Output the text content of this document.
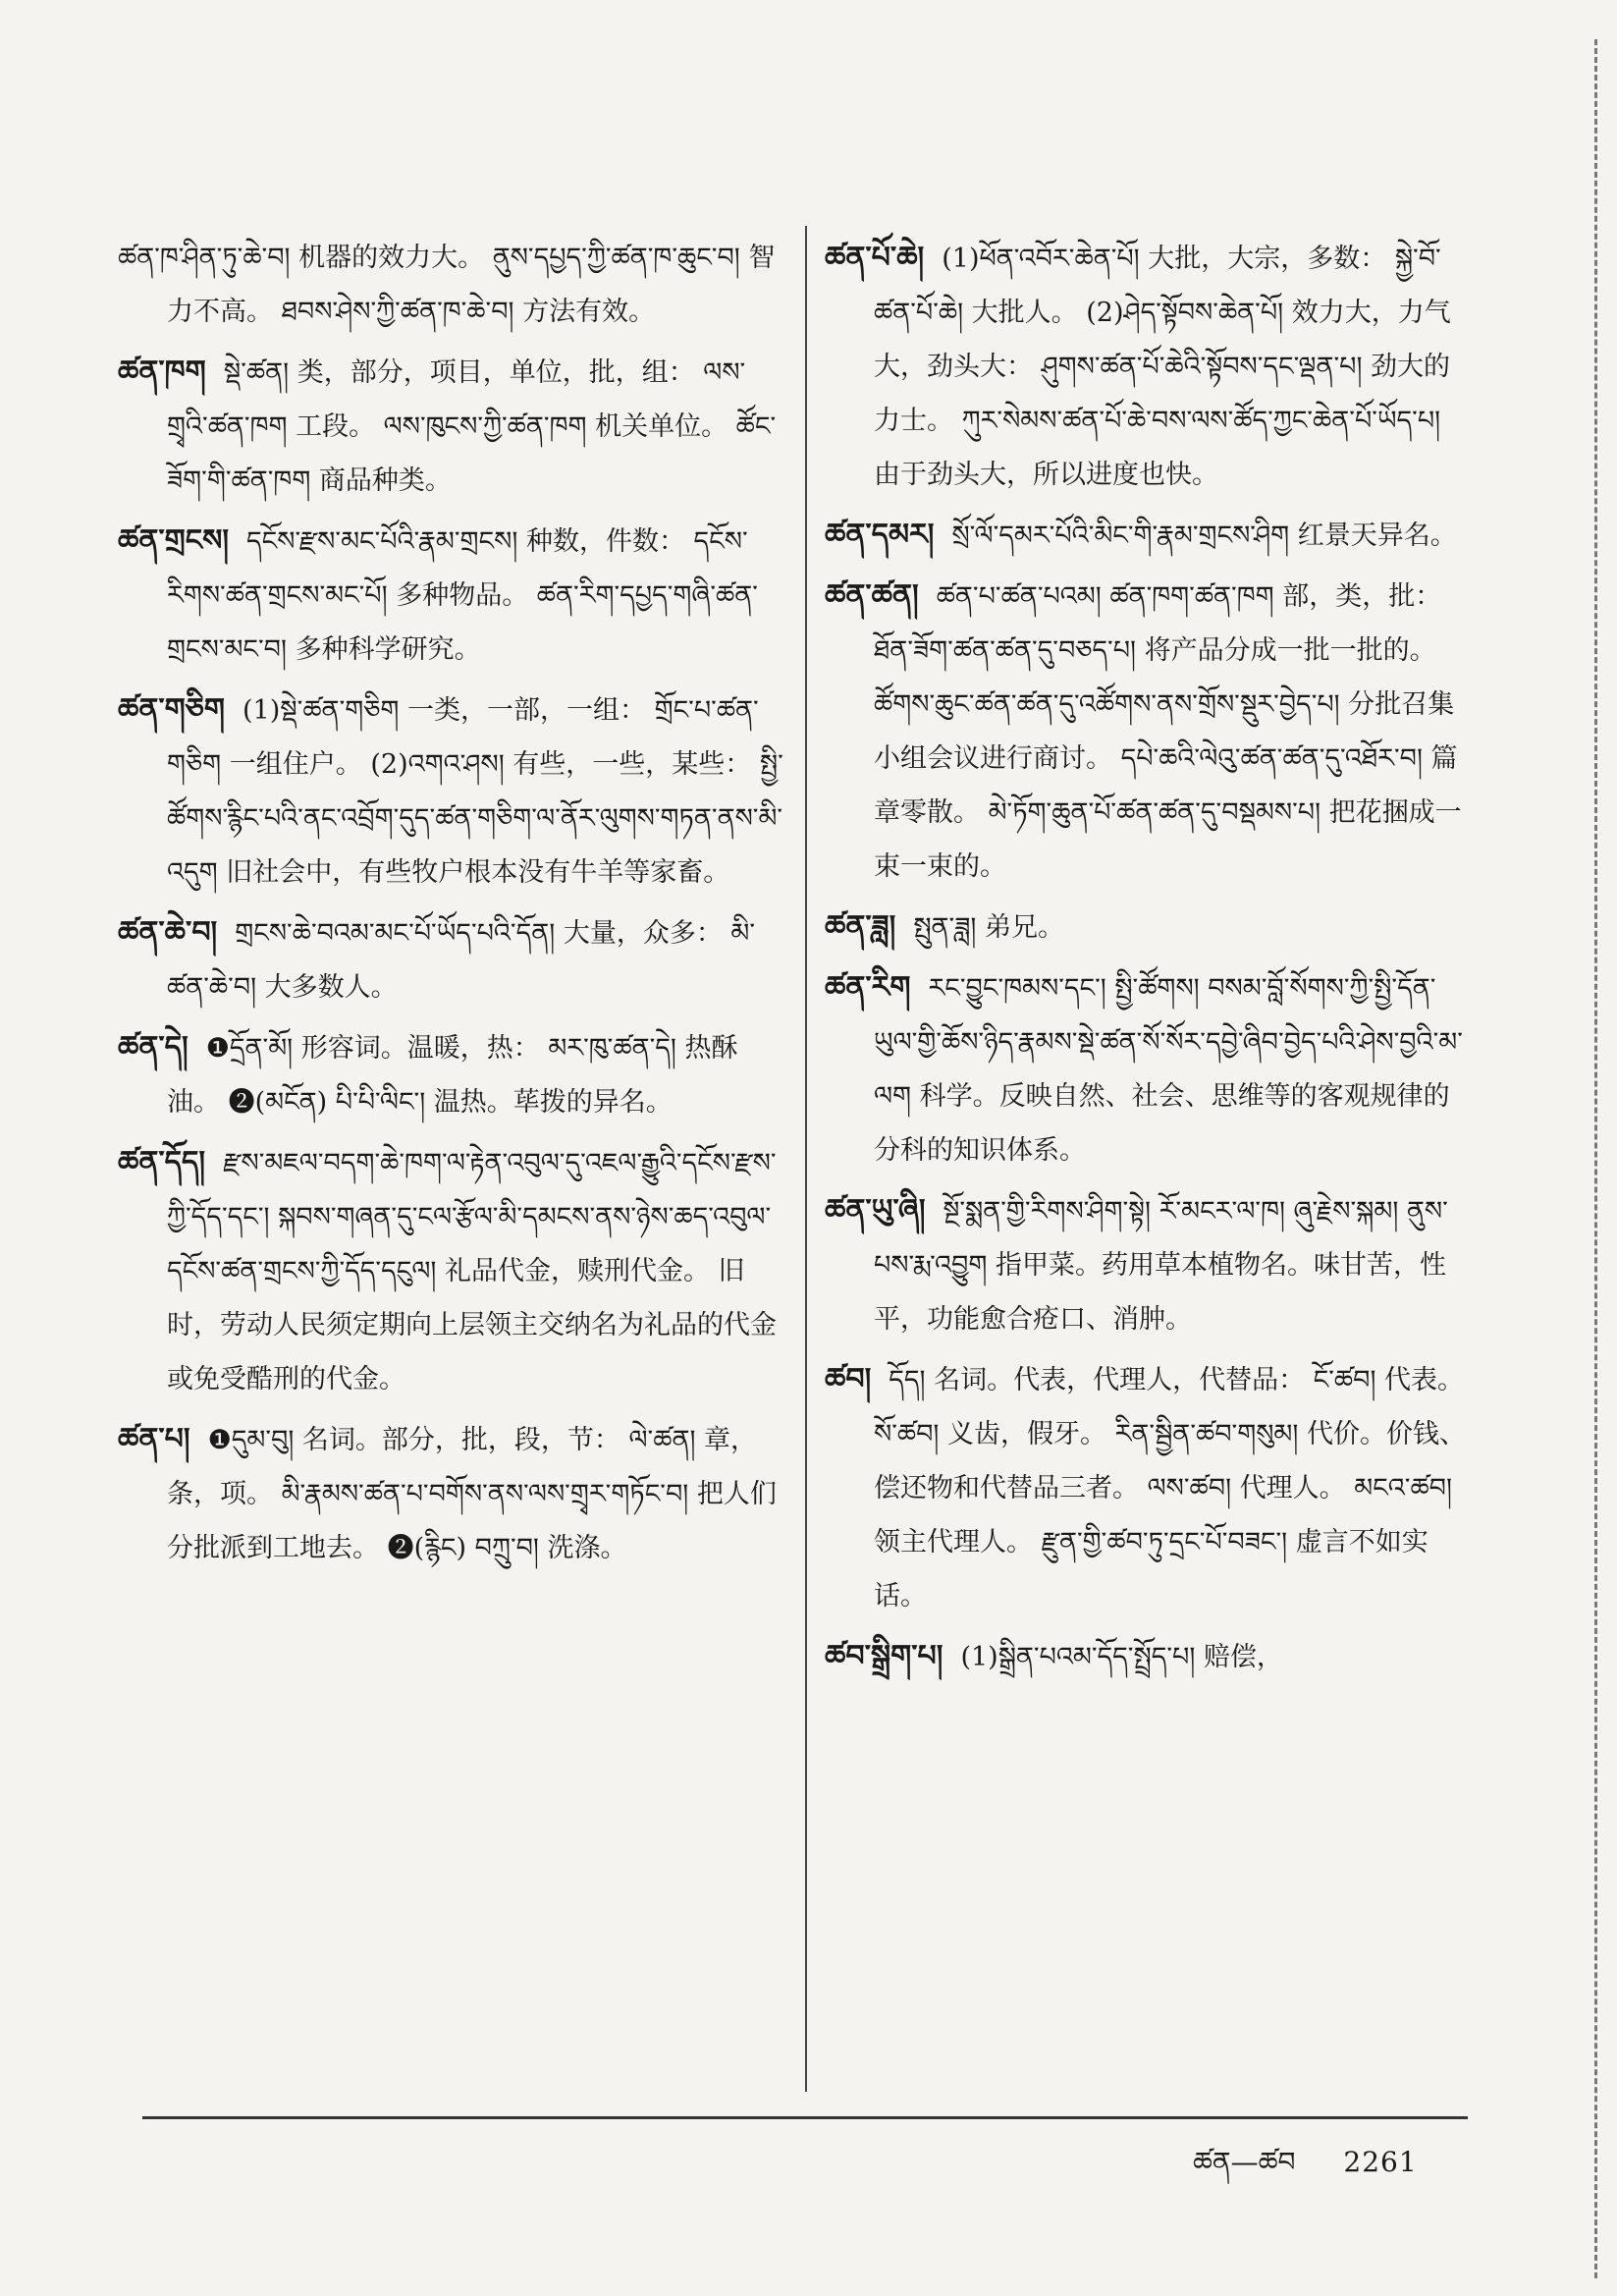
ཚན་ཁ་ཤིན་ཏུ་ཆེ་བ། 机器的效力大。 ནུས་དཔྱད་ཀྱི་ཚན་ཁ་ཆུང་བ། 智力不高。 ཐབས་ཤེས་ཀྱི་ཚན་ཁ་ཆེ་བ། 方法有效。

ཚན་ཁག སྡེ་ཚན། 类，部分，项目，单位，批，组： ལས་གྲྭའི་ཚན་ཁག 工段。 ལས་ཁུངས་ཀྱི་ཚན་ཁག 机关单位。 ཚོང་ཟོག་གི་ཚན་ཁག 商品种类。

ཚན་གྲངས། དངོས་རྫས་མང་པོའི་རྣམ་གྲངས། 种数，件数： དངོས་རིགས་ཚན་གྲངས་མང་པོ། 多种物品。 ཚན་རིག་དཔྱད་གཞི་ཚན་གྲངས་མང་བ། 多种科学研究。

ཚན་གཅིག (1)སྡེ་ཚན་གཅིག 一类，一部，一组： གྲོང་པ་ཚན་གཅིག 一组住户。 (2)འགའ་ཤས། 有些，一些，某些： སྤྱི་ཚོགས་རྙིང་པའི་ནང་འབྲོག་དུད་ཚན་གཅིག་ལ་ནོར་ལུགས་གཏན་ནས་མི་འདུག 旧社会中，有些牧户根本没有牛羊等家畜。

ཚན་ཆེ་བ། གྲངས་ཆེ་བའམ་མང་པོ་ཡོད་པའི་དོན། 大量，众多： མི་ཚན་ཆེ་བ། 大多数人。

ཚན་དེ། ❶དྲོན་མོ། 形容词。温暖，热： མར་ཁུ་ཚན་དེ། 热酥油。 ❷(མངོན) པི་པི་ལིང་། 温热。荜拨的异名。

ཚན་དོད། རྫས་མཇལ་བདག་ཆེ་ཁག་ལ་རྟེན་འབུལ་དུ་འཇལ་རྒྱུའི་དངོས་རྫས་ཀྱི་དོད་དང་། སྐབས་གཞན་དུ་ངལ་རྩོལ་མི་དམངས་ནས་ཉེས་ཆད་འབུལ་དངོས་ཚན་གྲངས་ཀྱི་དོད་དངུལ། 礼品代金，赎刑代金。 旧时，劳动人民须定期向上层领主交纳名为礼品的代金或免受酷刑的代金。

ཚན་པ། ❶དུམ་བུ། 名词。部分，批，段，节： ལེ་ཚན། 章，条，项。 མི་རྣམས་ཚན་པ་བགོས་ནས་ལས་གྲྭར་གཏོང་བ། 把人们分批派到工地去。 ❷(རྙིང) བཀྲུ་བ། 洗涤。

ཚན་པོ་ཆེ། (1)ཕོན་འབོར་ཆེན་པོ། 大批，大宗，多数： སྐྱེ་བོ་ཚན་པོ་ཆེ། 大批人。 (2)ཤེད་སྟོབས་ཆེན་པོ། 效力大，力气大，劲头大： ཤུགས་ཚན་པོ་ཆེའི་སྟོབས་དང་ལྡན་པ། 劲大的力士。 ཀུར་སེམས་ཚན་པོ་ཆེ་བས་ལས་ཚོད་ཀྱང་ཆེན་པོ་ཡོད་པ། 由于劲头大，所以进度也快。

ཚན་དམར། སྲོ་ལོ་དམར་པོའི་མིང་གི་རྣམ་གྲངས་ཤིག 红景天异名。

ཚན་ཚན། ཚན་པ་ཚན་པའམ། ཚན་ཁག་ཚན་ཁག 部，类，批： ཐོན་ཟོག་ཚན་ཚན་དུ་བཅད་པ། 将产品分成一批一批的。 ཚོགས་ཆུང་ཚན་ཚན་དུ་འཚོགས་ནས་གྲོས་སྡུར་བྱེད་པ། 分批召集小组会议进行商讨。 དཔེ་ཆའི་ལེའུ་ཚན་ཚན་དུ་འཐོར་བ། 篇章零散。 མེ་ཏོག་ཆུན་པོ་ཚན་ཚན་དུ་བསྡམས་པ། 把花捆成一束一束的。

ཚན་ཟླ། སྤུན་ཟླ། 弟兄。

ཚན་རིག རང་བྱུང་ཁམས་དང་། སྤྱི་ཚོགས། བསམ་བློ་སོགས་ཀྱི་སྤྱི་དོན་ཡུལ་གྱི་ཆོས་ཉིད་རྣམས་སྡེ་ཚན་སོ་སོར་དབྱེ་ཞིབ་བྱེད་པའི་ཤེས་བྱའི་མ་ལག 科学。反映自然、社会、思维等的客观规律的分科的知识体系。

ཚན་ཡུ་ཞི། སྔོ་སྨན་གྱི་རིགས་ཤིག་སྟེ། རོ་མངར་ལ་ཁ། ཞུ་རྗེས་སྐམ། ནུས་པས་རྨ་འབྱུག 指甲菜。药用草本植物名。味甘苦，性平，功能愈合疮口、消肿。

ཚབ། དོད། 名词。代表，代理人，代替品： ངོ་ཚབ། 代表。 སོ་ཚབ། 义齿，假牙。 རིན་སྦྱིན་ཚབ་གསུམ། 代价。价钱、偿还物和代替品三者。 ལས་ཚབ། 代理人。 མངའ་ཚབ། 领主代理人。 རྫུན་གྱི་ཚབ་ཏུ་དྲང་པོ་བཟང་། 虚言不如实话。

ཚབ་སྒྲིག་པ། (1)སྒྲིན་པའམ་དོད་སྤྲོད་པ། 赔偿，

ཚན—ཚབ 2261
